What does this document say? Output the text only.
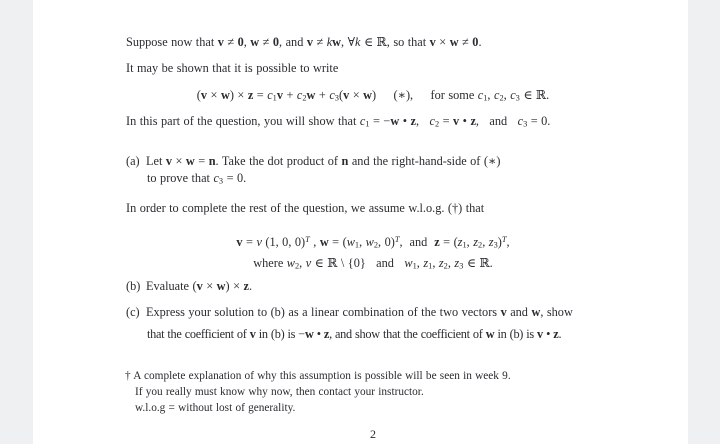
Suppose now that v ≠ 0, w ≠ 0, and v ≠ kw, ∀k ∈ ℝ, so that v × w ≠ 0.
It may be shown that it is possible to write
(v × w) × z = c1v + c2w + c3(v × w)     (∗),     for some c1, c2, c3 ∈ ℝ.
In this part of the question, you will show that c1 = −w • z,   c2 = v • z,   and   c3 = 0.
(a) Let v × w = n. Take the dot product of n and the right-hand-side of (∗)
to prove that c3 = 0.
In order to complete the rest of the question, we assume w.l.o.g. (†) that
v = v (1, 0, 0)$^T$ , w = (w1, w2, 0)$^T$,  and  z = (z1, z2, z3)$^T$,
where w2, v ∈ ℝ \ {0}   and   w1, z1, z2, z3 ∈ ℝ.
(b) Evaluate (v × w) × z.
(c) Express your solution to (b) as a linear combination of the two vectors v and w, show
that the coefficient of v in (b) is −w • z, and show that the coefficient of w in (b) is v • z.
† A complete explanation of why this assumption is possible will be seen in week 9.
If you really must know why now, then contact your instructor.
w.l.o.g = without lost of generality.
2
